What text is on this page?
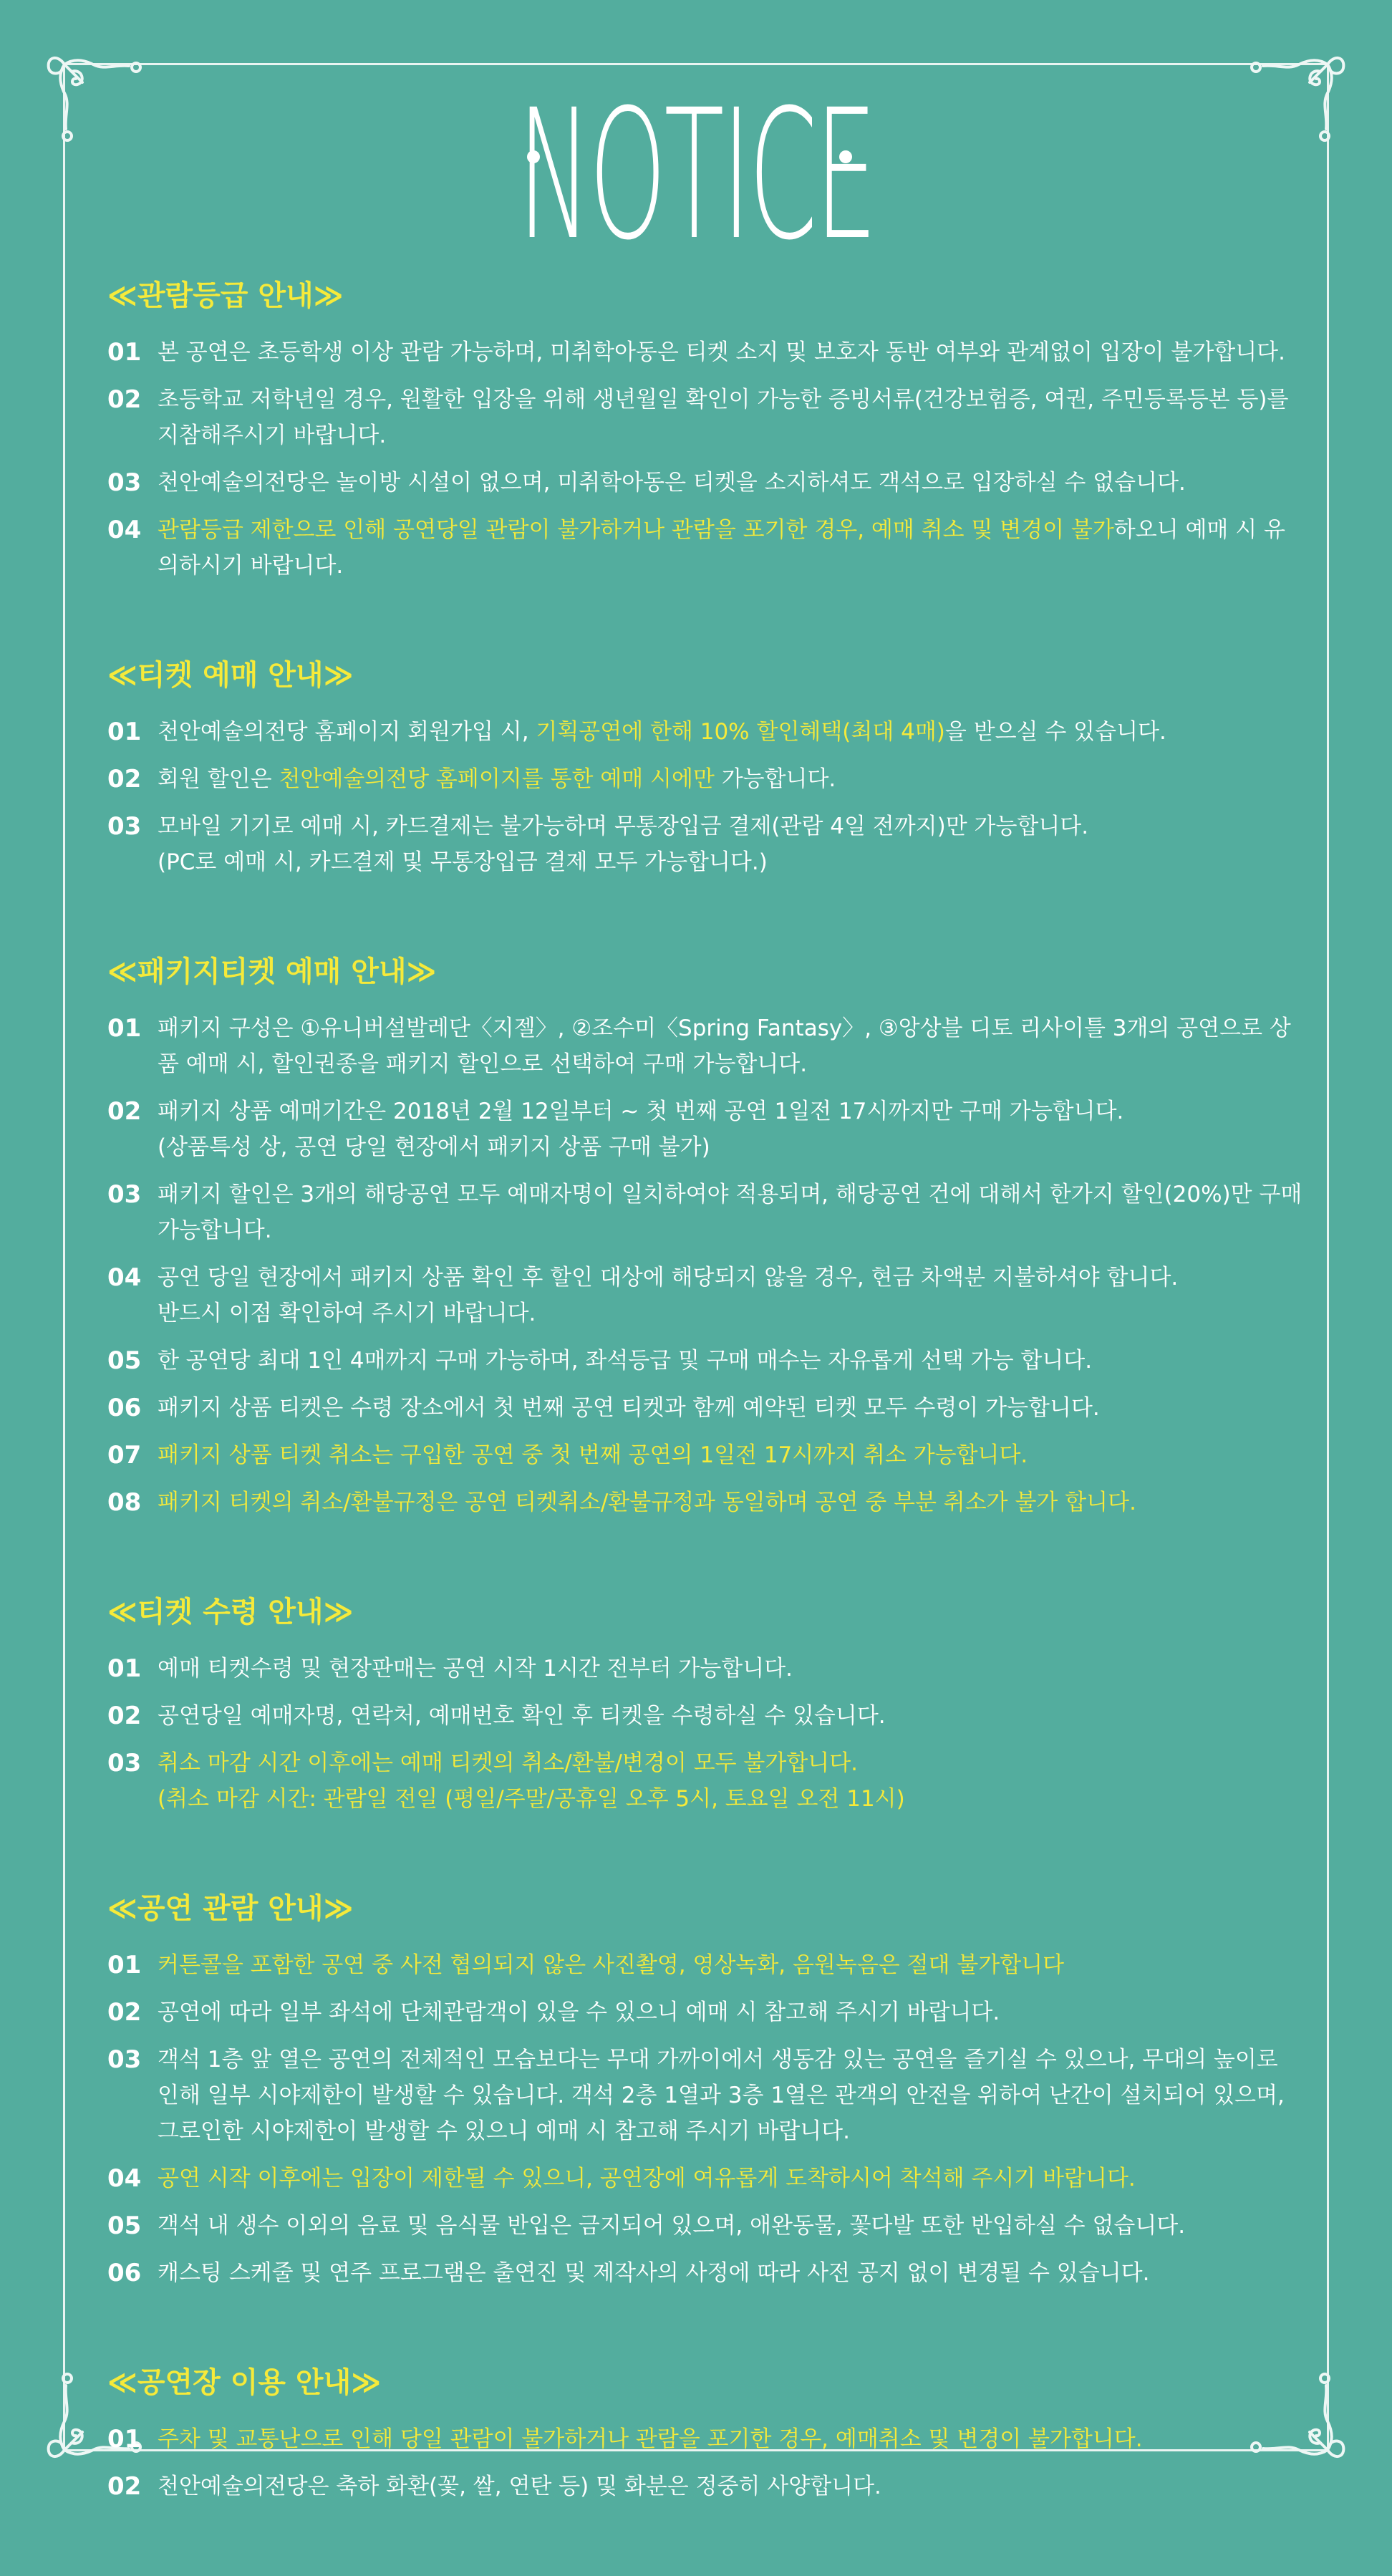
NOTICE
≪관람등급 안내≫
01 본 공연은 초등학생 이상 관람 가능하며, 미취학아동은 티켓 소지 및 보호자 동반 여부와 관계없이 입장이 불가합니다.
02 초등학교 저학년일 경우, 원활한 입장을 위해 생년월일 확인이 가능한 증빙서류(건강보험증, 여권, 주민등록등본 등)를 지참해주시기 바랍니다.
03 천안예술의전당은 놀이방 시설이 없으며, 미취학아동은 티켓을 소지하셔도 객석으로 입장하실 수 없습니다.
04 관람등급 제한으로 인해 공연당일 관람이 불가하거나 관람을 포기한 경우, 예매 취소 및 변경이 불가하오니 예매 시 유의하시기 바랍니다.
≪티켓 예매 안내≫
01 천안예술의전당 홈페이지 회원가입 시, 기획공연에 한해 10% 할인혜택(최대 4매)을 받으실 수 있습니다.
02 회원 할인은 천안예술의전당 홈페이지를 통한 예매 시에만 가능합니다.
03 모바일 기기로 예매 시, 카드결제는 불가능하며 무통장입금 결제(관람 4일 전까지)만 가능합니다.
(PC로 예매 시, 카드결제 및 무통장입금 결제 모두 가능합니다.)
≪패키지티켓 예매 안내≫
01 패키지 구성은 ①유니버설발레단〈지젤〉, ②조수미〈Spring Fantasy〉, ③앙상블 디토 리사이틀 3개의 공연으로 상품 예매 시, 할인권종을 패키지 할인으로 선택하여 구매 가능합니다.
02 패키지 상품 예매기간은 2018년 2월 12일부터 ~ 첫 번째 공연 1일전 17시까지만 구매 가능합니다.
(상품특성 상, 공연 당일 현장에서 패키지 상품 구매 불가)
03 패키지 할인은 3개의 해당공연 모두 예매자명이 일치하여야 적용되며, 해당공연 건에 대해서 한가지 할인(20%)만 구매 가능합니다.
04 공연 당일 현장에서 패키지 상품 확인 후 할인 대상에 해당되지 않을 경우, 현금 차액분 지불하셔야 합니다.
반드시 이점 확인하여 주시기 바랍니다.
05 한 공연당 최대 1인 4매까지 구매 가능하며, 좌석등급 및 구매 매수는 자유롭게 선택 가능 합니다.
06 패키지 상품 티켓은 수령 장소에서 첫 번째 공연 티켓과 함께 예약된 티켓 모두 수령이 가능합니다.
07 패키지 상품 티켓 취소는 구입한 공연 중 첫 번째 공연의 1일전 17시까지 취소 가능합니다.
08 패키지 티켓의 취소/환불규정은 공연 티켓취소/환불규정과 동일하며 공연 중 부분 취소가 불가 합니다.
≪티켓 수령 안내≫
01 예매 티켓수령 및 현장판매는 공연 시작 1시간 전부터 가능합니다.
02 공연당일 예매자명, 연락처, 예매번호 확인 후 티켓을 수령하실 수 있습니다.
03 취소 마감 시간 이후에는 예매 티켓의 취소/환불/변경이 모두 불가합니다.
(취소 마감 시간: 관람일 전일 (평일/주말/공휴일 오후 5시, 토요일 오전 11시)
≪공연 관람 안내≫
01 커튼콜을 포함한 공연 중 사전 협의되지 않은 사진촬영, 영상녹화, 음원녹음은 절대 불가합니다
02 공연에 따라 일부 좌석에 단체관람객이 있을 수 있으니 예매 시 참고해 주시기 바랍니다.
03 객석 1층 앞 열은 공연의 전체적인 모습보다는 무대 가까이에서 생동감 있는 공연을 즐기실 수 있으나, 무대의 높이로 인해 일부 시야제한이 발생할 수 있습니다. 객석 2층 1열과 3층 1열은 관객의 안전을 위하여 난간이 설치되어 있으며, 그로인한 시야제한이 발생할 수 있으니 예매 시 참고해 주시기 바랍니다.
04 공연 시작 이후에는 입장이 제한될 수 있으니, 공연장에 여유롭게 도착하시어 착석해 주시기 바랍니다.
05 객석 내 생수 이외의 음료 및 음식물 반입은 금지되어 있으며, 애완동물, 꽃다발 또한 반입하실 수 없습니다.
06 캐스팅 스케줄 및 연주 프로그램은 출연진 및 제작사의 사정에 따라 사전 공지 없이 변경될 수 있습니다.
≪공연장 이용 안내≫
01 주차 및 교통난으로 인해 당일 관람이 불가하거나 관람을 포기한 경우, 예매취소 및 변경이 불가합니다.
02 천안예술의전당은 축하 화환(꽃, 쌀, 연탄 등) 및 화분은 정중히 사양합니다.
